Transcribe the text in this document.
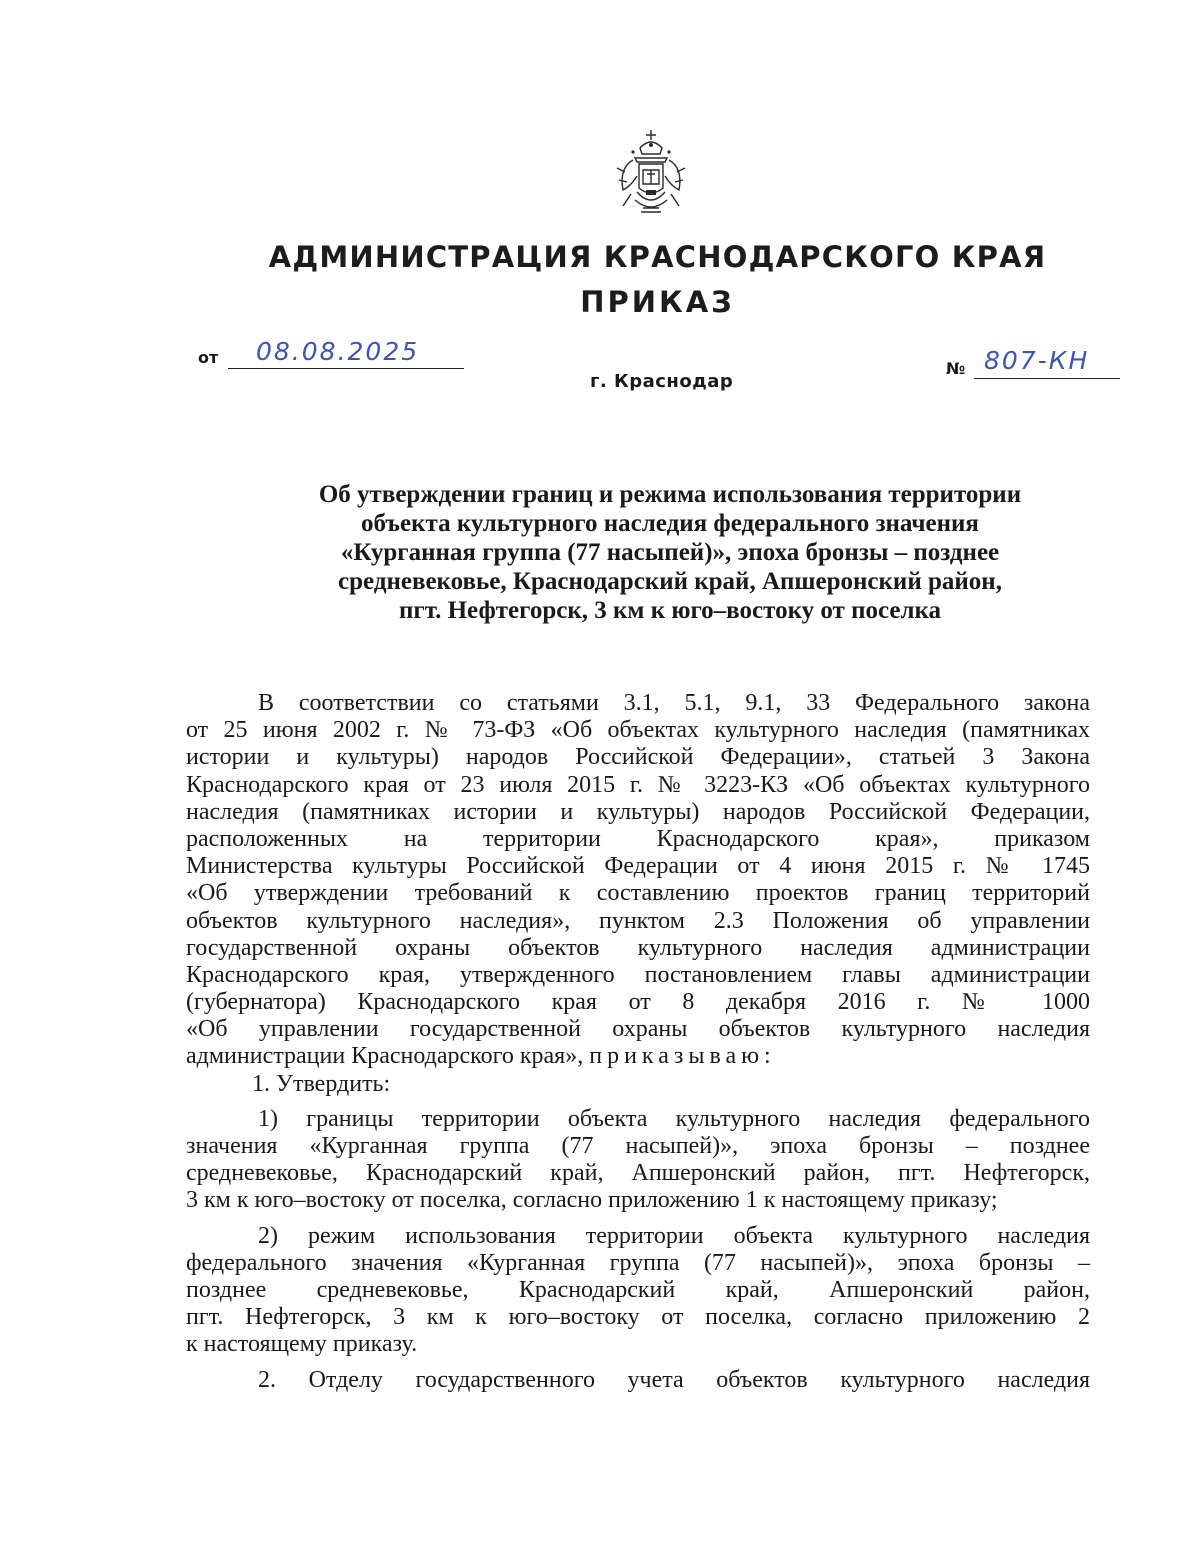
АДМИНИСТРАЦИЯ КРАСНОДАРСКОГО КРАЯ
ПРИКАЗ
от 08.08.2025
№ 807-КН
г. Краснодар
Об утверждении границ и режима использования территории
объекта культурного наследия федерального значения
«Курганная группа (77 насыпей)», эпоха бронзы – позднее
средневековье, Краснодарский край, Апшеронский район,
пгт. Нефтегорск, 3 км к юго–востоку от поселка
В соответствии со статьями 3.1, 5.1, 9.1, 33 Федерального закона
от 25 июня 2002 г. № 73-ФЗ «Об объектах культурного наследия (памятниках
истории и культуры) народов Российской Федерации», статьей 3 Закона
Краснодарского края от 23 июля 2015 г. № 3223-КЗ «Об объектах культурного
наследия (памятниках истории и культуры) народов Российской Федерации,
расположенных на территории Краснодарского края», приказом
Министерства культуры Российской Федерации от 4 июня 2015 г. № 1745
«Об утверждении требований к составлению проектов границ территорий
объектов культурного наследия», пунктом 2.3 Положения об управлении
государственной охраны объектов культурного наследия администрации
Краснодарского края, утвержденного постановлением главы администрации
(губернатора) Краснодарского края от 8 декабря 2016 г. № 1000
«Об управлении государственной охраны объектов культурного наследия
администрации Краснодарского края», приказываю:
1. Утвердить:
1) границы территории объекта культурного наследия федерального
значения «Курганная группа (77 насыпей)», эпоха бронзы – позднее
средневековье, Краснодарский край, Апшеронский район, пгт. Нефтегорск,
3 км к юго–востоку от поселка, согласно приложению 1 к настоящему приказу;
2) режим использования территории объекта культурного наследия
федерального значения «Курганная группа (77 насыпей)», эпоха бронзы –
позднее средневековье, Краснодарский край, Апшеронский район,
пгт. Нефтегорск, 3 км к юго–востоку от поселка, согласно приложению 2
к настоящему приказу.
2. Отделу государственного учета объектов культурного наследия
